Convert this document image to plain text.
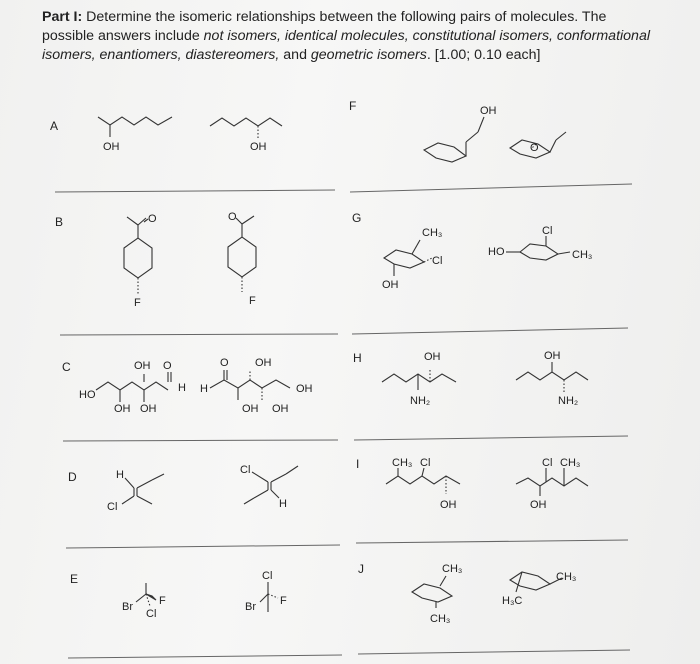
Part I: Determine the isomeric relationships between the following pairs of molecules. The possible answers include not isomers, identical molecules, constitutional isomers, conformational isomers, enantiomers, diastereomers, and geometric isomers. [1.00; 0.10 each]
A
B
C
D
E
F
G
H
I
J
OH	OH
O
F
O
F
HO
OH O
H
OH OH
H
O OH
OH
OH OH
H
Cl
Cl
H
Br F
Cl
Cl
Br F
OH
O
OH
CH₃
Cl
HO
Cl
CH₃
OH
NH₂
OH
NH₂
CH₃ Cl
OH
Cl CH₃
OH
CH₃
CH₃
CH₃
H₃C
